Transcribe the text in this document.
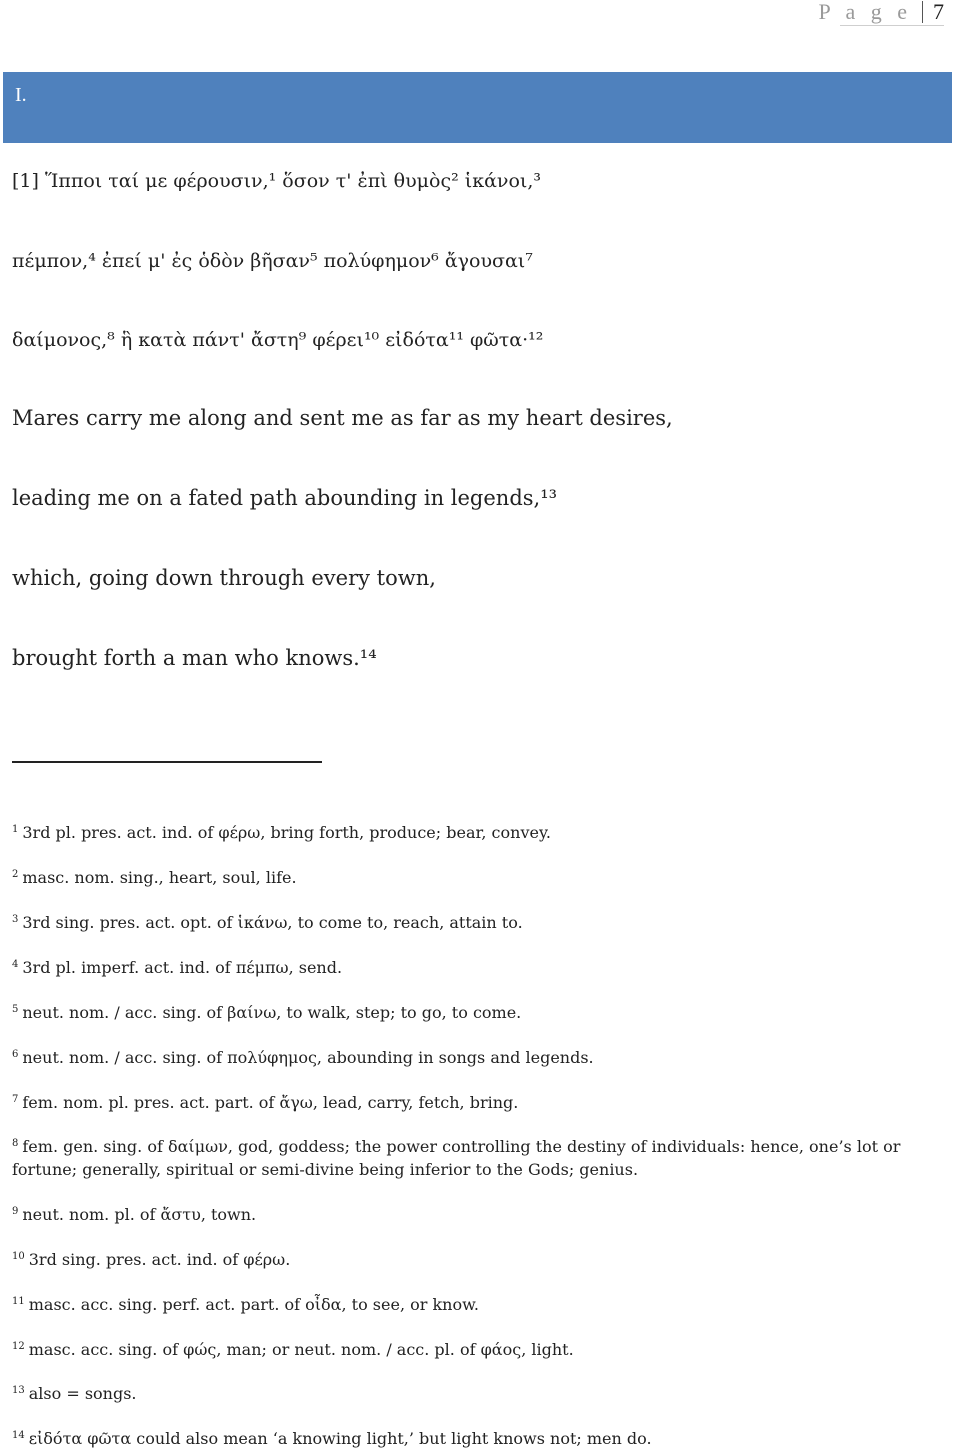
P a g e 7
I.
[1] Ἵπποι ταί με φέρουσιν,¹ ὅσον τ' ἐπὶ θυμὸς² ἱκάνοι,³
πέμπον,⁴ ἐπεί μ' ἐς ὁδὸν βῆσαν⁵ πολύφημον⁶ ἄγουσαι⁷
δαίμονος,⁸ ἣ κατὰ πάντ' ἄστη⁹ φέρει¹⁰ εἰδότα¹¹ φῶτα·¹²
Mares carry me along and sent me as far as my heart desires,
leading me on a fated path abounding in legends,¹³
which, going down through every town,
brought forth a man who knows.¹⁴
$^1$ 3rd pl. pres. act. ind. of φέρω, bring forth, produce; bear, convey.
$^2$ masc. nom. sing., heart, soul, life.
$^3$ 3rd sing. pres. act. opt. of ἱκάνω, to come to, reach, attain to.
$^4$ 3rd pl. imperf. act. ind. of πέμπω, send.
$^5$ neut. nom. / acc. sing. of βαίνω, to walk, step; to go, to come.
$^6$ neut. nom. / acc. sing. of πολύφημος, abounding in songs and legends.
$^7$ fem. nom. pl. pres. act. part. of ἄγω, lead, carry, fetch, bring.
$^8$ fem. gen. sing. of δαίμων, god, goddess; the power controlling the destiny of individuals: hence, one’s lot or fortune; generally, spiritual or semi-divine being inferior to the Gods; genius.
$^9$ neut. nom. pl. of ἄστυ, town.
$^{10}$ 3rd sing. pres. act. ind. of φέρω.
$^{11}$ masc. acc. sing. perf. act. part. of οἶδα, to see, or know.
$^{12}$ masc. acc. sing. of φώς, man; or neut. nom. / acc. pl. of φάος, light.
$^{13}$ also = songs.
$^{14}$ εἰδότα φῶτα could also mean ‘a knowing light,’ but light knows not; men do.
